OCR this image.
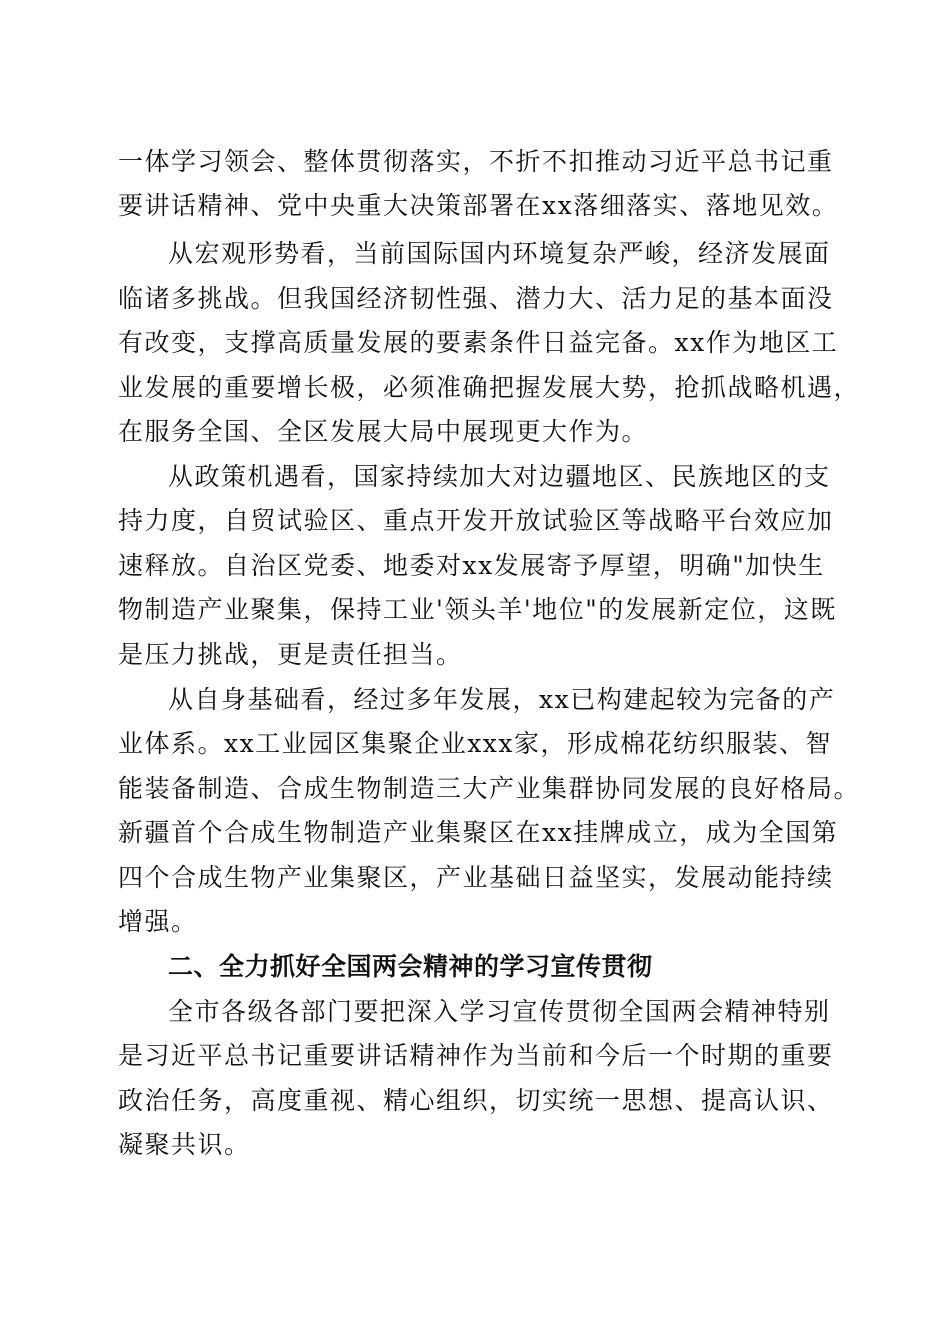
一体学习领会、整体贯彻落实，不折不扣推动习近平总书记重
要讲话精神、党中央重大决策部署在xx落细落实、落地见效。
从宏观形势看，当前国际国内环境复杂严峻，经济发展面
临诸多挑战。但我国经济韧性强、潜力大、活力足的基本面没
有改变，支撑高质量发展的要素条件日益完备。xx作为地区工
业发展的重要增长极，必须准确把握发展大势，抢抓战略机遇，
在服务全国、全区发展大局中展现更大作为。
从政策机遇看，国家持续加大对边疆地区、民族地区的支
持力度，自贸试验区、重点开发开放试验区等战略平台效应加
速释放。自治区党委、地委对xx发展寄予厚望，明确"加快生
物制造产业聚集，保持工业'领头羊'地位"的发展新定位，这既
是压力挑战，更是责任担当。
从自身基础看，经过多年发展，xx已构建起较为完备的产
业体系。xx工业园区集聚企业xxx家，形成棉花纺织服装、智
能装备制造、合成生物制造三大产业集群协同发展的良好格局。
新疆首个合成生物制造产业集聚区在xx挂牌成立，成为全国第
四个合成生物产业集聚区，产业基础日益坚实，发展动能持续
增强。
二、全力抓好全国两会精神的学习宣传贯彻
全市各级各部门要把深入学习宣传贯彻全国两会精神特别
是习近平总书记重要讲话精神作为当前和今后一个时期的重要
政治任务，高度重视、精心组织，切实统一思想、提高认识、
凝聚共识。
